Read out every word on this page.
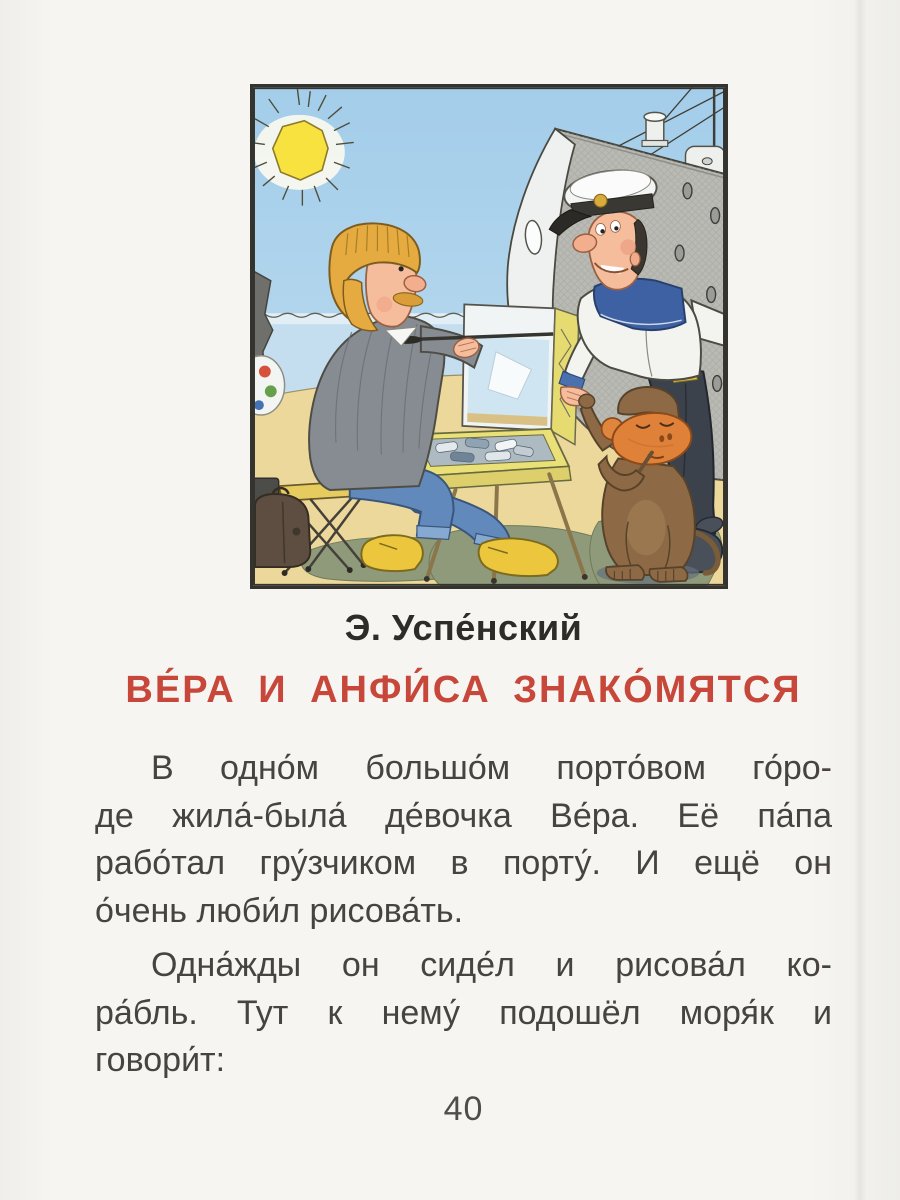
Э. Успе́нский
ВЕ́РА И АНФИ́СА ЗНАКО́МЯТСЯ
В одно́м большо́м порто́вом го́ро-
де жила́-была́ де́вочка Ве́ра. Её па́па
рабо́тал гру́зчиком в порту́. И ещё он
о́чень люби́л рисова́ть.
Одна́жды он сиде́л и рисова́л ко-
ра́бль. Тут к нему́ подошёл моря́к и
говори́т:
40
